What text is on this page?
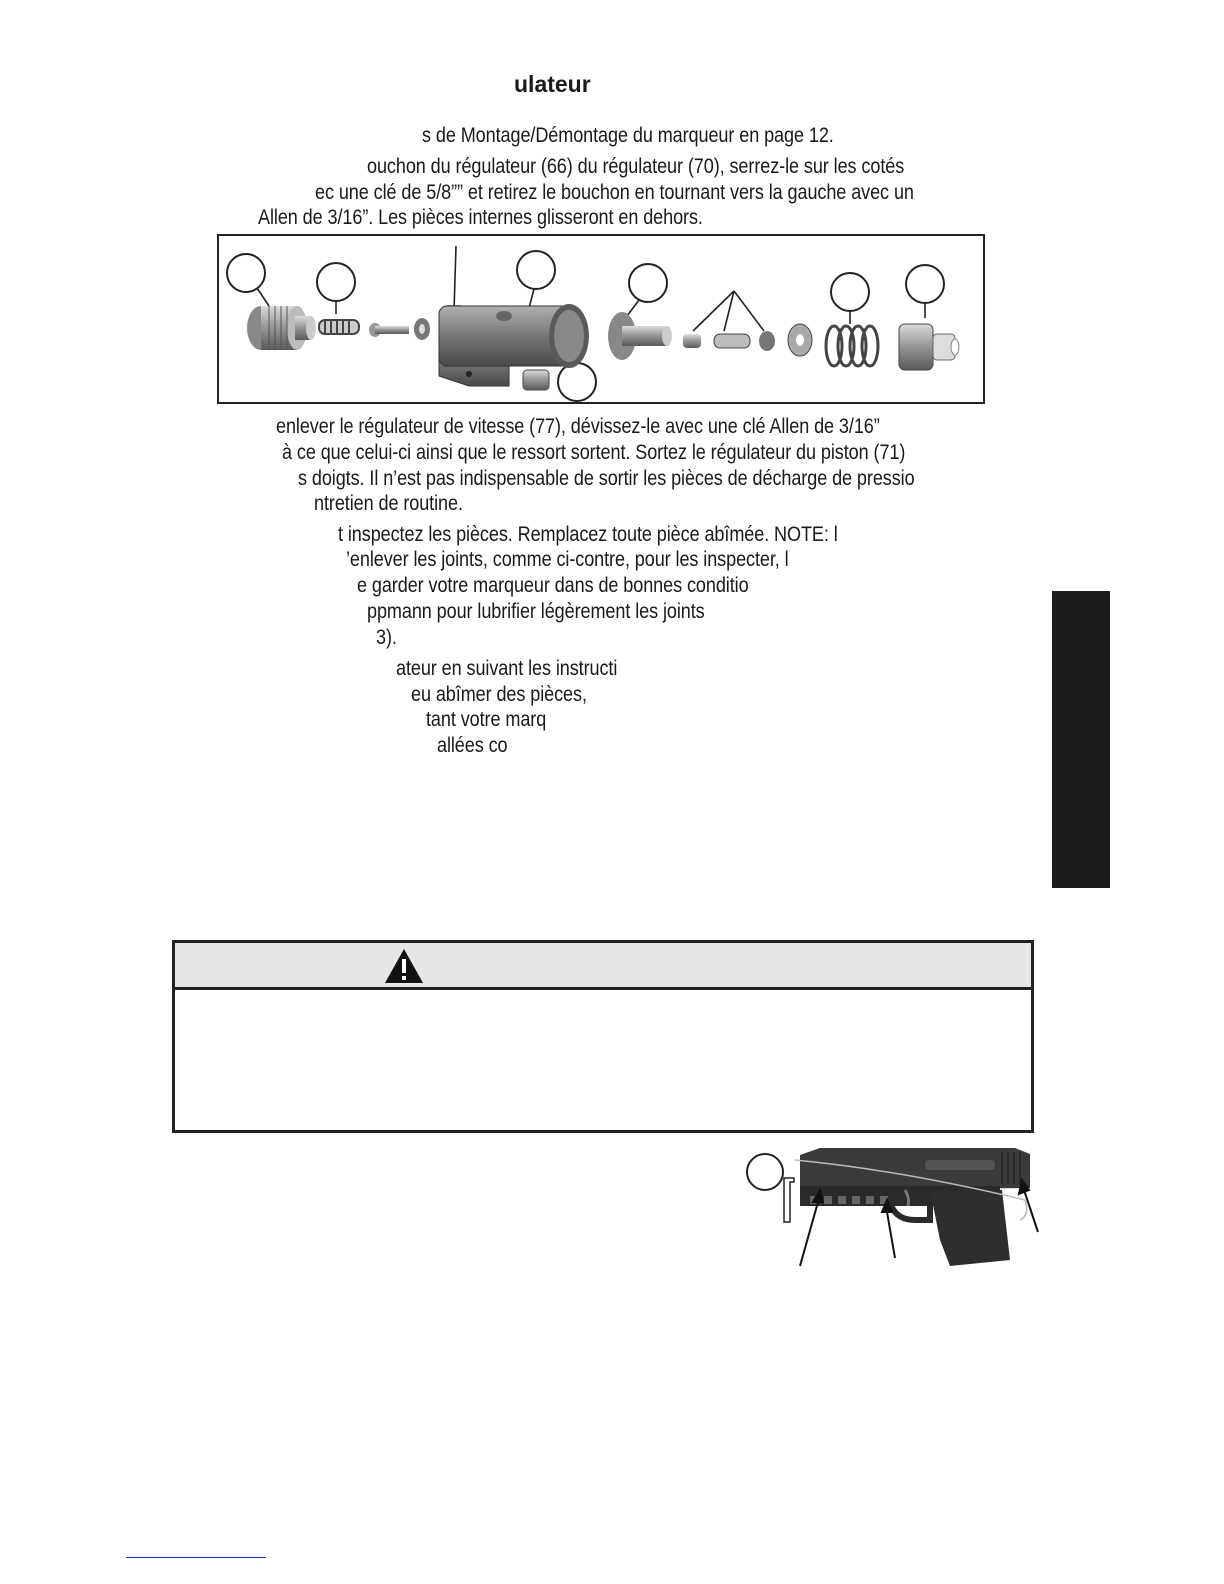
ulateur
s de Montage/Démontage du marqueur en page 12.
ouchon du régulateur (66) du régulateur (70), serrez-le sur les cotés
ec une clé de 5/8”” et retirez le bouchon en tournant vers la gauche avec un
Allen de 3/16”. Les pièces internes glisseront en dehors.
enlever le régulateur de vitesse (77), dévissez-le avec une clé Allen de 3/16”
à ce que celui-ci ainsi que le ressort sortent. Sortez le régulateur du piston (71)
s doigts. Il n’est pas indispensable de sortir les pièces de décharge de pressio
ntretien de routine.
t inspectez les pièces. Remplacez toute pièce abîmée. NOTE: l
’enlever les joints, comme ci-contre, pour les inspecter, l
e garder votre marqueur dans de bonnes conditio
ppmann pour lubrifier légèrement les joints
3).
ateur en suivant les instructi
eu abîmer des pièces,
tant votre marq
allées co
